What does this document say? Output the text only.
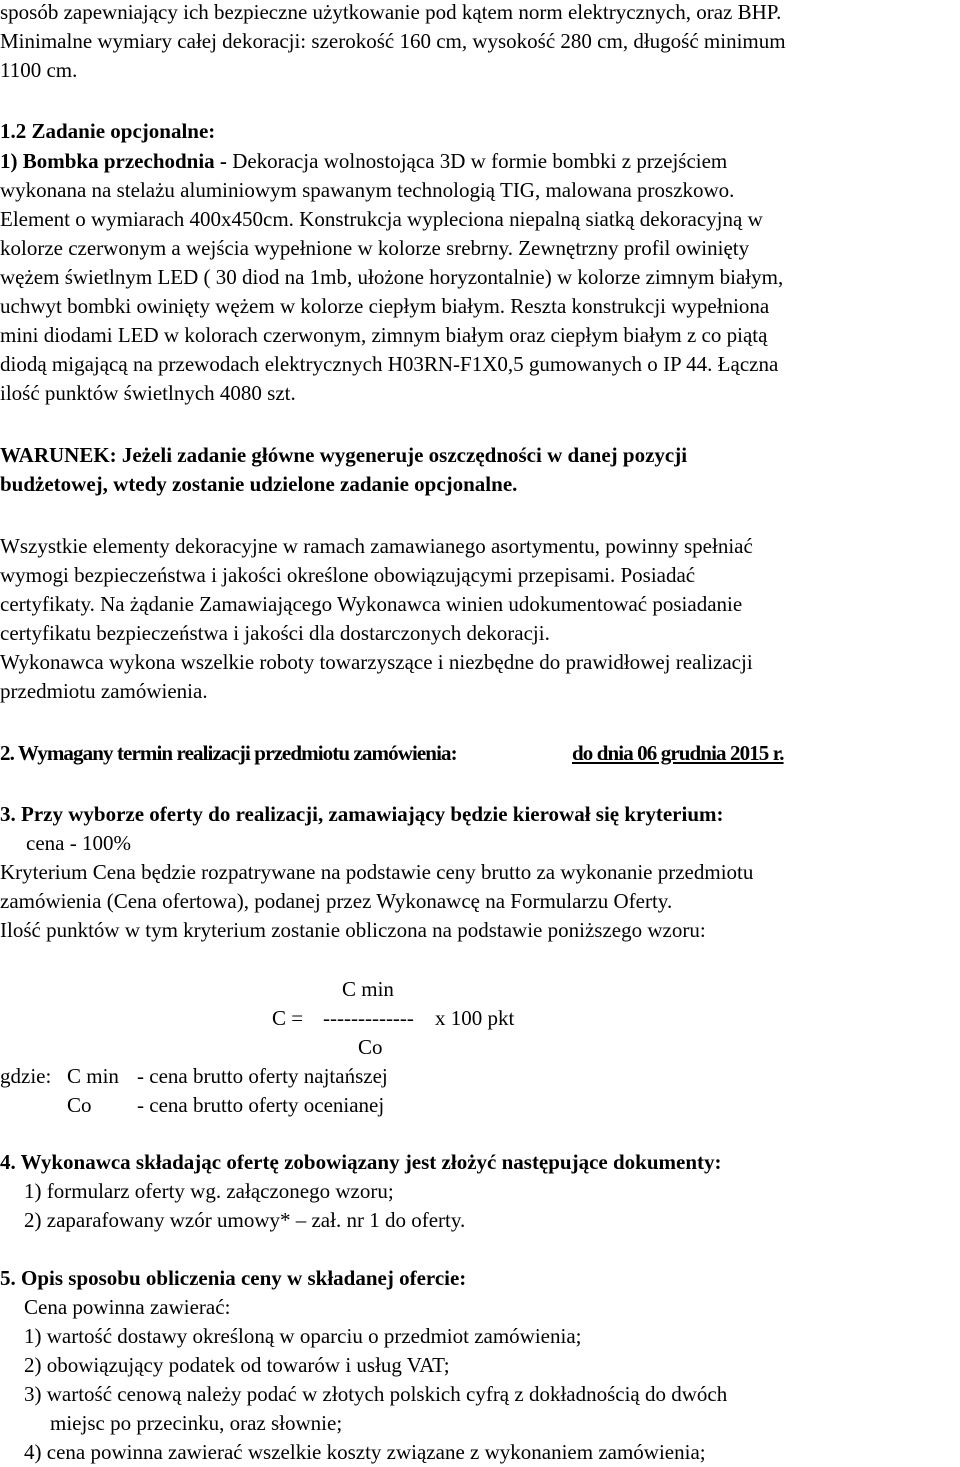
sposób zapewniający ich bezpieczne użytkowanie pod kątem norm elektrycznych, oraz BHP.
Minimalne wymiary całej dekoracji: szerokość 160 cm, wysokość 280 cm, długość minimum
1100 cm.
1.2 Zadanie opcjonalne:
1) Bombka przechodnia - Dekoracja wolnostojąca 3D w formie bombki z przejściem
wykonana na stelażu aluminiowym spawanym technologią TIG, malowana proszkowo.
Element o wymiarach 400x450cm. Konstrukcja wypleciona niepalną siatką dekoracyjną w
kolorze czerwonym a wejścia wypełnione w kolorze srebrny. Zewnętrzny profil owinięty
wężem świetlnym LED ( 30 diod na 1mb, ułożone horyzontalnie) w kolorze zimnym białym,
uchwyt bombki owinięty wężem w kolorze ciepłym białym. Reszta konstrukcji wypełniona
mini diodami LED w kolorach czerwonym, zimnym białym oraz ciepłym białym z co piątą
diodą migającą na przewodach elektrycznych H03RN-F1X0,5 gumowanych o IP 44. Łączna
ilość punktów świetlnych 4080 szt.
WARUNEK: Jeżeli zadanie główne wygeneruje oszczędności w danej pozycji
budżetowej, wtedy zostanie udzielone zadanie opcjonalne.
Wszystkie elementy dekoracyjne w ramach zamawianego asortymentu, powinny spełniać
wymogi bezpieczeństwa i jakości określone obowiązującymi przepisami. Posiadać
certyfikaty. Na żądanie Zamawiającego Wykonawca winien udokumentować posiadanie
certyfikatu bezpieczeństwa i jakości dla dostarczonych dekoracji.
Wykonawca wykona wszelkie roboty towarzyszące i niezbędne do prawidłowej realizacji
przedmiotu zamówienia.
2. Wymagany termin realizacji przedmiotu zamówienia:	do dnia 06 grudnia 2015 r.
3. Przy wyborze oferty do realizacji, zamawiający będzie kierował się kryterium:
cena - 100%
Kryterium Cena będzie rozpatrywane na podstawie ceny brutto za wykonanie przedmiotu
zamówienia (Cena ofertowa), podanej przez Wykonawcę na Formularzu Oferty.
Ilość punktów w tym kryterium zostanie obliczona na podstawie poniższego wzoru:
C min
C = ------------- x 100 pkt
Co
gdzie: C min - cena brutto oferty najtańszej
Co - cena brutto oferty ocenianej
4. Wykonawca składając ofertę zobowiązany jest złożyć następujące dokumenty:
1) formularz oferty wg. załączonego wzoru;
2) zaparafowany wzór umowy* – zał. nr 1 do oferty.
5. Opis sposobu obliczenia ceny w składanej ofercie:
Cena powinna zawierać:
1) wartość dostawy określoną w oparciu o przedmiot zamówienia;
2) obowiązujący podatek od towarów i usług VAT;
3) wartość cenową należy podać w złotych polskich cyfrą z dokładnością do dwóch
miejsc po przecinku, oraz słownie;
4) cena powinna zawierać wszelkie koszty związane z wykonaniem zamówienia;
